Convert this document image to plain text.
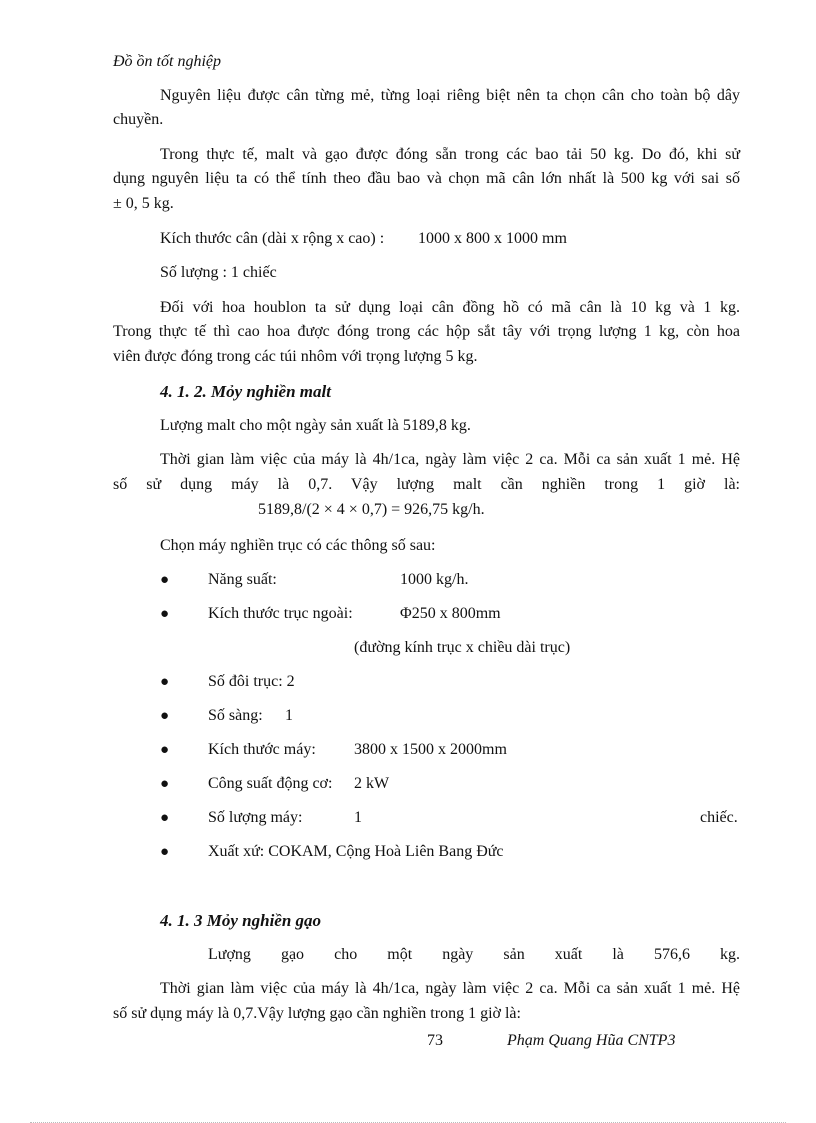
Đồ ồn tốt nghiệp
Nguyên liệu được cân từng mẻ, từng loại riêng biệt nên ta chọn cân cho toàn bộ dây
chuyền.
Trong thực tế, malt và gạo được đóng sẵn trong các bao tải 50 kg. Do đó, khi sử
dụng nguyên liệu ta có thể tính theo đầu bao và chọn mã cân lớn nhất là 500 kg với sai số
± 0, 5 kg.
Kích thước cân (dài x rộng x cao) : 1000 x 800 x 1000 mm
Số lượng : 1 chiếc
Đối với hoa houblon ta sử dụng loại cân đồng hồ có mã cân là 10 kg và 1 kg.
Trong thực tế thì cao hoa được đóng trong các hộp sắt tây với trọng lượng 1 kg, còn hoa
viên được đóng trong các túi nhôm với trọng lượng 5 kg.
4. 1. 2. Mỏy nghiền malt
Lượng malt cho một ngày sản xuất là 5189,8 kg.
Thời gian làm việc của máy là 4h/1ca, ngày làm việc 2 ca. Mỗi ca sản xuất 1 mẻ. Hệ
số sử dụng máy là 0,7. Vậy lượng malt cần nghiền trong 1 giờ là:
5189,8/(2 × 4 × 0,7) = 926,75 kg/h.
Chọn máy nghiền trục có các thông số sau:
● Năng suất:	1000 kg/h.
● Kích thước trục ngoài:	Φ250 x 800mm
(đường kính trục x chiều dài trục)
● Số đôi trục: 2
● Số sàng: 1
● Kích thước máy: 3800 x 1500 x 2000mm
● Công suất động cơ: 2 kW
● Số lượng máy:	1	chiếc.
● Xuất xứ: COKAM, Cộng Hoà Liên Bang Đức
4. 1. 3 Mỏy nghiền gạo
Lượng gạo cho một ngày sản xuất là 576,6 kg.
Thời gian làm việc của máy là 4h/1ca, ngày làm việc 2 ca. Mỗi ca sản xuất 1 mẻ. Hệ
số sử dụng máy là 0,7.Vậy lượng gạo cần nghiền trong 1 giờ là:
73	Phạm Quang Hũa CNTP3
